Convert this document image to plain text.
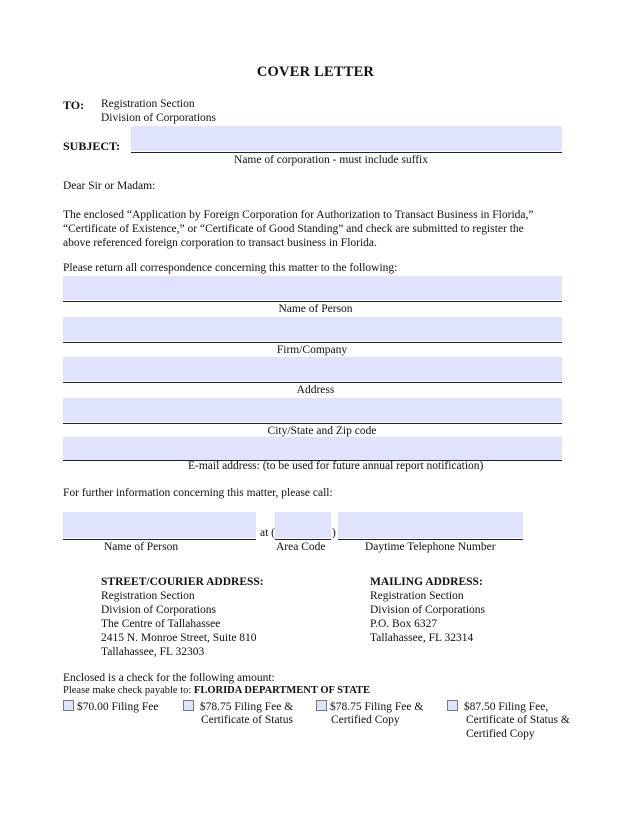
COVER LETTER
TO: Registration Section
Division of Corporations
SUBJECT:
Name of corporation - must include suffix
Dear Sir or Madam:
The enclosed “Application by Foreign Corporation for Authorization to Transact Business in Florida,”
“Certificate of Existence,” or “Certificate of Good Standing” and check are submitted to register the
above referenced foreign corporation to transact business in Florida.
Please return all correspondence concerning this matter to the following:
Name of Person
Firm/Company
Address
City/State and Zip code
E-mail address: (to be used for future annual report notification)
For further information concerning this matter, please call:
at (	)
Name of Person	Area Code	Daytime Telephone Number
STREET/COURIER ADDRESS:
Registration Section
Division of Corporations
The Centre of Tallahassee
2415 N. Monroe Street, Suite 810
Tallahassee, FL 32303
MAILING ADDRESS:
Registration Section
Division of Corporations
P.O. Box 6327
Tallahassee, FL 32314
Enclosed is a check for the following amount:
Please make check payable to: FLORIDA DEPARTMENT OF STATE
$70.00 Filing Fee	$78.75 Filing Fee &
Certificate of Status
$78.75 Filing Fee &
Certified Copy
$87.50 Filing Fee,
Certificate of Status &
Certified Copy
